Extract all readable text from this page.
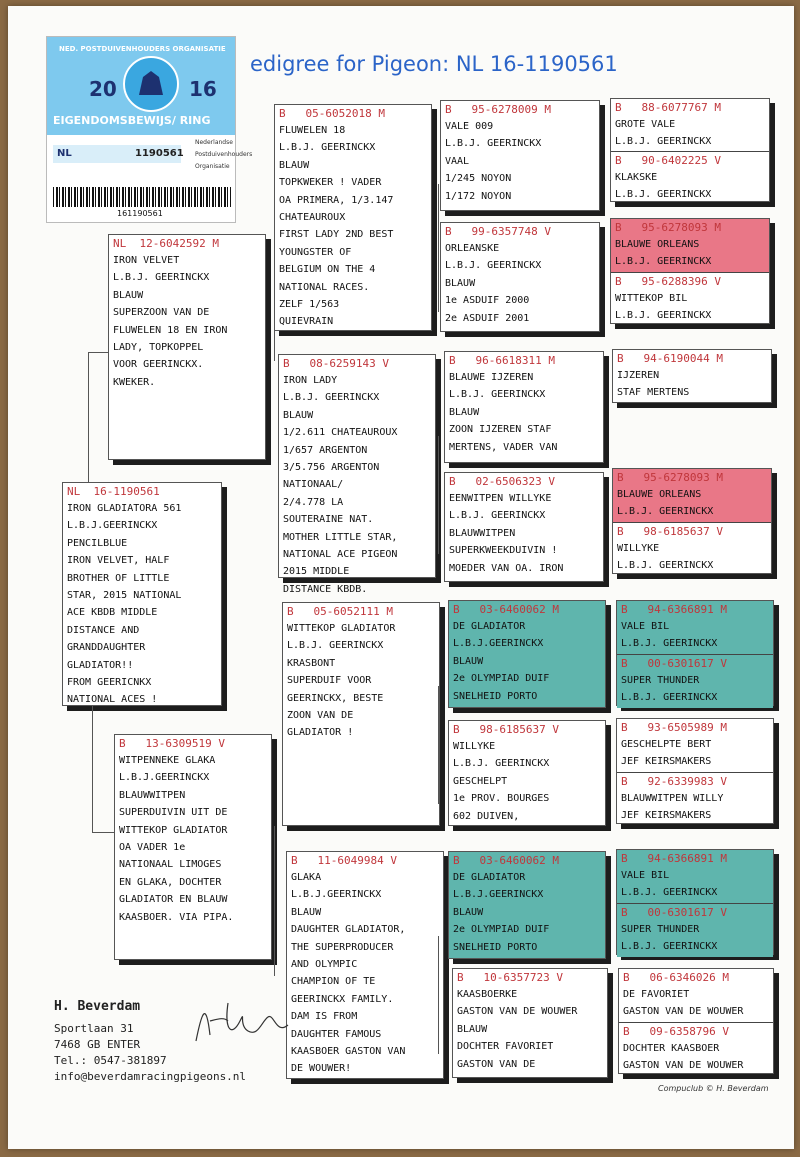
edigree for Pigeon: NL 16-1190561
NED. POSTDUIVENHOUDERS ORGANISATIE
20	16
EIGENDOMSBEWIJS/ RING
NL	1190561
Nederlandse Postduivenhouders Organisatie
161190561
NL  16-1190561
IRON GLADIATORA 561
L.B.J.GEERINCKX
PENCILBLUE
IRON VELVET, HALF
BROTHER OF LITTLE
STAR, 2015 NATIONAL
ACE KBDB MIDDLE
DISTANCE AND
GRANDDAUGHTER
GLADIATOR!!
FROM GEERICNKX
NATIONAL ACES !
NL  12-6042592 M
IRON VELVET
L.B.J. GEERINCKX
BLAUW
SUPERZOON VAN DE
FLUWELEN 18 EN IRON
LADY, TOPKOPPEL
VOOR GEERINCKX.
KWEKER.
B   13-6309519 V
WITPENNEKE GLAKA
L.B.J.GEERINCKX
BLAUWWITPEN
SUPERDUIVIN UIT DE
WITTEKOP GLADIATOR
OA VADER 1e
NATIONAAL LIMOGES
EN GLAKA, DOCHTER
GLADIATOR EN BLAUW
KAASBOER. VIA PIPA.
B   05-6052018 M
FLUWELEN 18
L.B.J. GEERINCKX
BLAUW
TOPKWEKER ! VADER
OA PRIMERA, 1/3.147
CHATEAUROUX
FIRST LADY 2ND BEST
YOUNGSTER OF
BELGIUM ON THE 4
NATIONAL RACES.
ZELF 1/563
QUIEVRAIN
B   08-6259143 V
IRON LADY
L.B.J. GEERINCKX
BLAUW
1/2.611 CHATEAUROUX
1/657 ARGENTON
3/5.756 ARGENTON
NATIONAAL/
2/4.778 LA
SOUTERAINE NAT.
MOTHER LITTLE STAR,
NATIONAL ACE PIGEON
2015 MIDDLE
DISTANCE KBDB.
B   05-6052111 M
WITTEKOP GLADIATOR
L.B.J. GEERINCKX
KRASBONT
SUPERDUIF VOOR
GEERINCKX, BESTE
ZOON VAN DE
GLADIATOR !
B   11-6049984 V
GLAKA
L.B.J.GEERINCKX
BLAUW
DAUGHTER GLADIATOR,
THE SUPERPRODUCER
AND OLYMPIC
CHAMPION OF TE
GEERINCKX FAMILY.
DAM IS FROM
DAUGHTER FAMOUS
KAASBOER GASTON VAN
DE WOUWER!
B   95-6278009 M
VALE 009
L.B.J. GEERINCKX
VAAL
1/245 NOYON
1/172 NOYON
B   99-6357748 V
ORLEANSKE
L.B.J. GEERINCKX
BLAUW
1e ASDUIF 2000
2e ASDUIF 2001
B   96-6618311 M
BLAUWE IJZEREN
L.B.J. GEERINCKX
BLAUW
ZOON IJZEREN STAF
MERTENS, VADER VAN
B   02-6506323 V
EENWITPEN WILLYKE
L.B.J. GEERINCKX
BLAUWWITPEN
SUPERKWEEKDUIVIN !
MOEDER VAN OA. IRON
B   03-6460062 M
DE GLADIATOR
L.B.J.GEERINCKX
BLAUW
2e OLYMPIAD DUIF
SNELHEID PORTO
B   98-6185637 V
WILLYKE
L.B.J. GEERINCKX
GESCHELPT
1e PROV. BOURGES
602 DUIVEN,
B   03-6460062 M
DE GLADIATOR
L.B.J.GEERINCKX
BLAUW
2e OLYMPIAD DUIF
SNELHEID PORTO
B   10-6357723 V
KAASBOERKE
GASTON VAN DE WOUWER
BLAUW
DOCHTER FAVORIET
GASTON VAN DE
B   88-6077767 M
GROTE VALE
L.B.J. GEERINCKX
B   90-6402225 V
KLAKSKE
L.B.J. GEERINCKX
B   95-6278093 M
BLAUWE ORLEANS
L.B.J. GEERINCKX
B   95-6288396 V
WITTEKOP BIL
L.B.J. GEERINCKX
B   94-6190044 M
IJZEREN
STAF MERTENS
B   95-6278093 M
BLAUWE ORLEANS
L.B.J. GEERINCKX
B   98-6185637 V
WILLYKE
L.B.J. GEERINCKX
B   94-6366891 M
VALE BIL
L.B.J. GEERINCKX
B   00-6301617 V
SUPER THUNDER
L.B.J. GEERINCKX
B   93-6505989 M
GESCHELPTE BERT
JEF KEIRSMAKERS
B   92-6339983 V
BLAUWWITPEN WILLY
JEF KEIRSMAKERS
B   94-6366891 M
VALE BIL
L.B.J. GEERINCKX
B   00-6301617 V
SUPER THUNDER
L.B.J. GEERINCKX
B   06-6346026 M
DE FAVORIET
GASTON VAN DE WOUWER
B   09-6358796 V
DOCHTER KAASBOER
GASTON VAN DE WOUWER
H. Beverdam
Sportlaan 31
7468 GB ENTER
Tel.: 0547-381897
info@beverdamracingpigeons.nl
Compuclub © H. Beverdam
